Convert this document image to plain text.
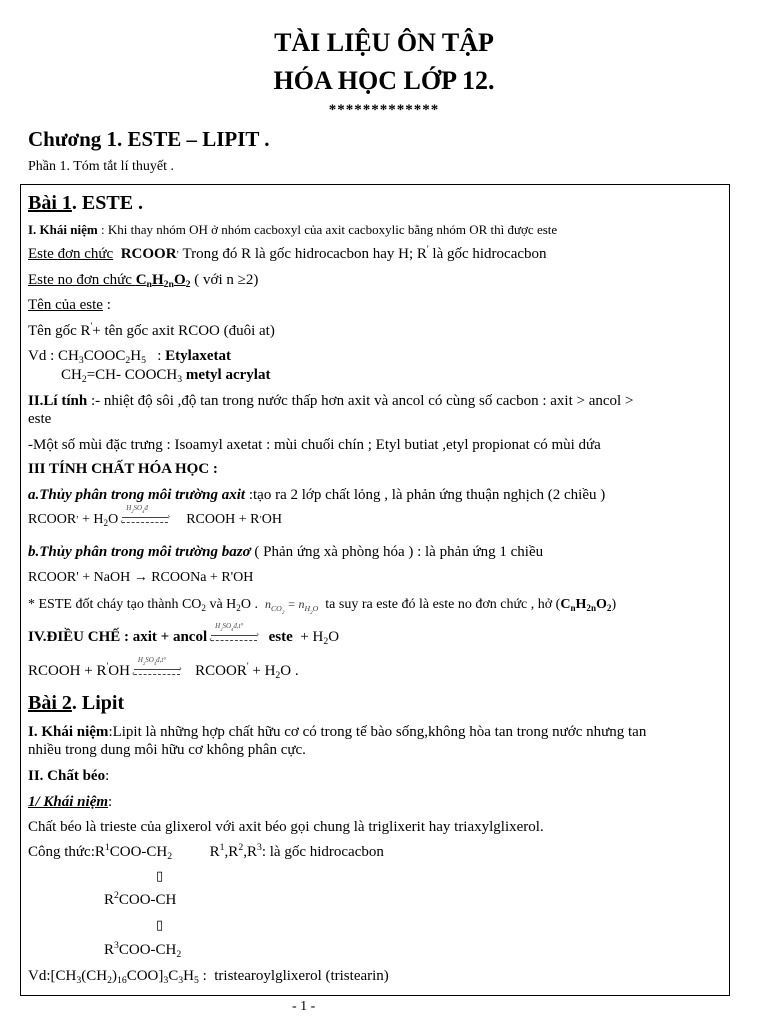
TÀI LIỆU ÔN TẬP
HÓA HỌC LỚP 12.
*************
Chương 1. ESTE – LIPIT .
Phần 1. Tóm tắt lí thuyết .
Bài 1. ESTE .
I. Khái niệm : Khi thay nhóm OH ở nhóm cacboxyl của axit cacboxylic bằng nhóm OR thì được este
Este đơn chức RCOOR, Trong đó R là gốc hidrocacbon hay H; R' là gốc hidrocacbon
Este no đơn chức $C_nH_{2n}O_2$ ( với n ≥2)
Tên của este :
Tên gốc R'+ tên gốc axit RCOO (đuôi at)
Vd : $CH_3COOC_2H_5$   : Etylaxetat
$CH_2=CH-$ $COOCH_3$ metyl acrylat
II.Lí tính :- nhiệt độ sôi ,độ tan trong nước thấp hơn axit và ancol có cùng số cacbon : axit > ancol >
este
-Một số mùi đặc trưng : Isoamyl axetat : mùi chuối chín ; Etyl butiat ,etyl propionat có mùi dứa
III TÍNH CHẤT HÓA HỌC :
a.Thủy phân trong môi trường axit :tạo ra 2 lớp chất lỏng , là phản ứng thuận nghịch (2 chiều )
RCOOR, + $H_2O$
$H_2SO_4đ$
›
‹	RCOOH + R,OH
b.Thủy phân trong môi trường bazơ ( Phản ứng xà phòng hóa ) : là phản ứng 1 chiều
RCOOR' + NaOH → RCOONa + R'OH
* ESTE đốt cháy tạo thành $CO_2$ và $H_2O$ .  $n_{CO_2} = n_{H_2O}$  ta suy ra este đó là este no đơn chức , hở $(C_nH_{2n}O_2)$
IV.ĐIỀU CHẾ : axit + ancol
$H_2SO_4đ,t^\circ$
›
‹	este  + $H_2O$
RCOOH + R'OH
$H_2SO_4đ,t^\circ$
›
‹	RCOOR' + $H_2O$ .
Bài 2. Lipit
I. Khái niệm:Lipit là những hợp chất hữu cơ có trong tế bào sống,không hòa tan trong nước nhưng tan
nhiều trong dung môi hữu cơ không phân cực.
II. Chất béo:
1/ Khái niệm:
Chất béo là trieste của glixerol với axit béo gọi chung là triglixerit hay triaxylglixerol.
Công $thức:R^1COO-CH_2$          $R^1,R^2,R^3$: là gốc hidrocacbon
▯
$R^2COO-CH$
▯
$R^3COO-CH_2$
$Vd:[CH_3(CH_2)_{16}COO]_3C_3H_5$ :  tristearoylglixerol (tristearin)
- 1 -
